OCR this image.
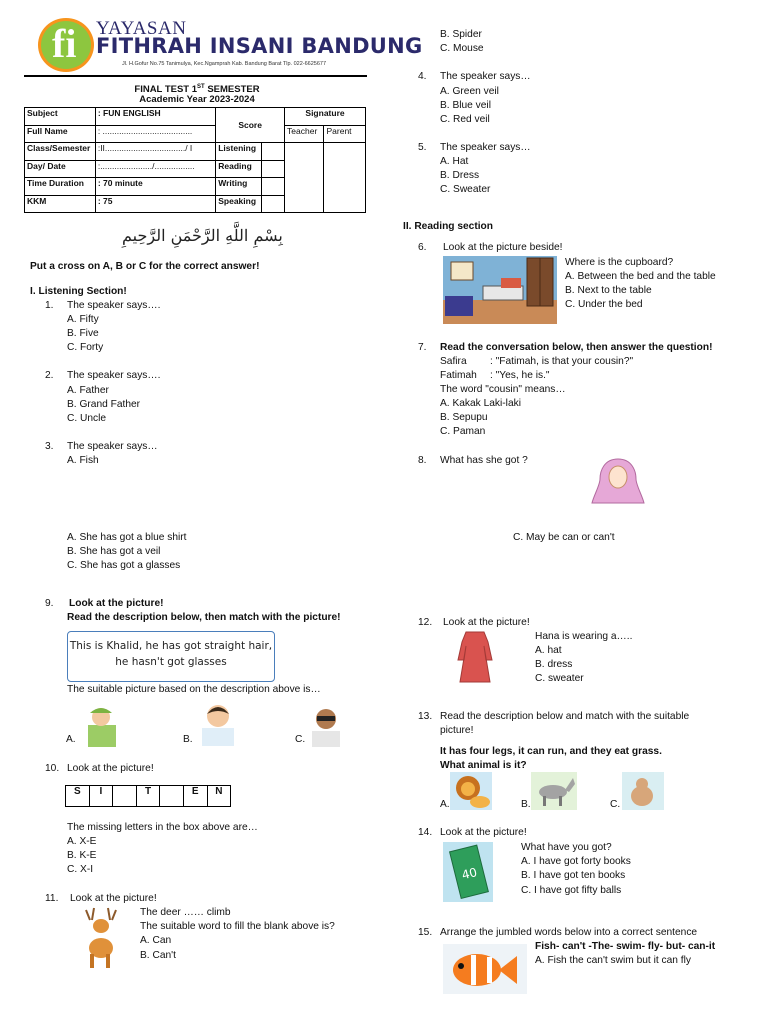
fi YAYASAN
FITHRAH INSANI BANDUNG
Jl. H.Gofur No.75 Tanimulya, Kec.Ngamprah Kab. Bandung Barat Tlp. 022-6625677
FINAL TEST 1ST SEMESTER
Academic Year 2023-2024
Subject	: FUN ENGLISH	Score		Signature	
Full Name	: ......................................			Teacher	Parent
Class/Semester	:II................................../ I	Listening			
Day/ Date	:....................../.................	Reading			
Time Duration	: 70 minute	Writing			
KKM	: 75	Speaking			
بِسْمِ اللَّهِ الرَّحْمَنِ الرَّحِيمِ
Put a cross on A, B or C for the correct answer!
I. Listening Section!
1. The speaker says….
A. Fifty
B. Five
C. Forty
2. The speaker says….
A. Father
B. Grand Father
C. Uncle
3. The speaker says…
A. Fish
B. Spider
C. Mouse
4. The speaker says…
A. Green veil
B. Blue veil
C. Red veil
5. The speaker says…
A. Hat
B. Dress
C. Sweater
II. Reading section
6. Look at the picture beside!
Where is the cupboard?
A. Between the bed and the table
B. Next to the table
C. Under the bed
7. Read the conversation below, then answer the question!
Safira : "Fatimah, is that your cousin?"
Fatimah : "Yes, he is."
The word "cousin" means…
A. Kakak Laki-laki
B. Sepupu
C. Paman
8. What has she got ?
A. She has got a blue shirt
B. She has got a veil
C. She has got a glasses
C. May be can or can't
9. Look at the picture!
Read the description below, then match with the picture!
This is Khalid, he has got straight hair,
he hasn't got glasses
The suitable picture based on the description above is…
A.	B.	C.
10. Look at the picture!
S	I	T	E	N
The missing letters in the box above are…
A. X-E
B. K-E
C. X-I
11. Look at the picture!
The deer …… climb
The suitable word to fill the blank above is?
A. Can
B. Can't
12. Look at the picture!
Hana is wearing a…..
A. hat
B. dress
C. sweater
13. Read the description below and match with the suitable
picture!
It has four legs, it can run, and they eat grass.
What animal is it?
A.	B.	C.
14. Look at the picture!
40
What have you got?
A. I have got forty books
B. I have got ten books
C. I have got fifty balls
15. Arrange the jumbled words below into a correct sentence
Fish- can't -The- swim- fly- but- can-it
A. Fish the can't swim but it can fly
